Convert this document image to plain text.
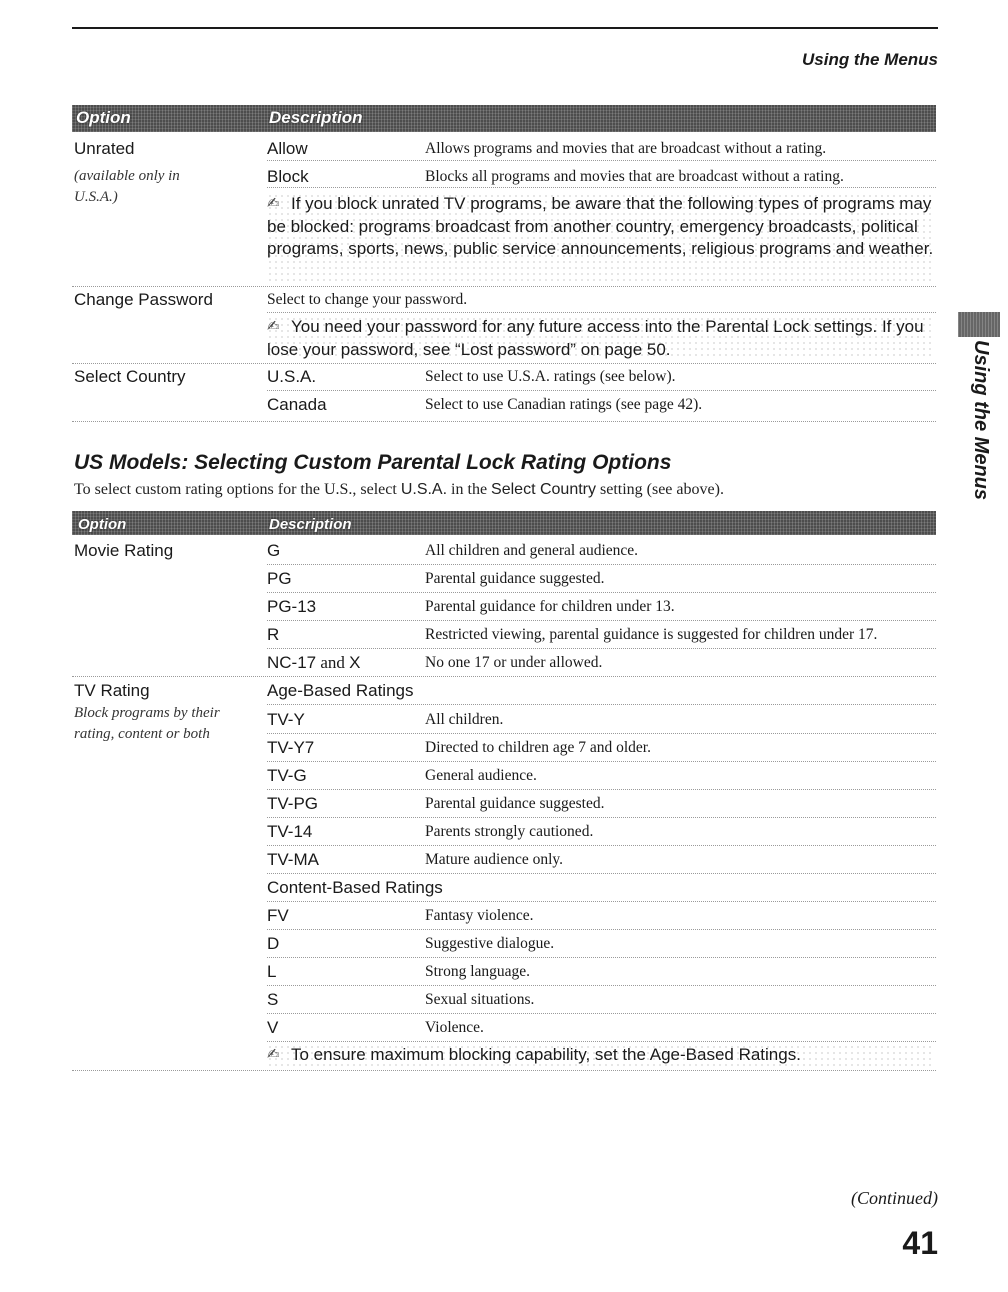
Using the Menus
Using the Menus
Option	Description
Unrated
(available only in U.S.A.)
Allow	Allows programs and movies that are broadcast without a rating.
Block	Blocks all programs and movies that are broadcast without a rating.
✍ If you block unrated TV programs, be aware that the following types of programs may be blocked: programs broadcast from another country, emergency broadcasts, political programs, sports, news, public service announcements, religious programs and weather.
Change Password	Select to change your password.
✍ You need your password for any future access into the Parental Lock settings. If you lose your password, see “Lost password” on page 50.
Select Country	U.S.A.	Select to use U.S.A. ratings (see below).
Canada	Select to use Canadian ratings (see page 42).
US Models: Selecting Custom Parental Lock Rating Options
To select custom rating options for the U.S., select U.S.A. in the Select Country setting (see above).
Option	Description
Movie Rating	G	All children and general audience.
PG	Parental guidance suggested.
PG-13	Parental guidance for children under 13.
R	Restricted viewing, parental guidance is suggested for children under 17.
NC-17 and X	No one 17 or under allowed.
TV Rating
Block programs by their rating, content or both
Age-Based Ratings
TV-Y	All children.
TV-Y7	Directed to children age 7 and older.
TV-G	General audience.
TV-PG	Parental guidance suggested.
TV-14	Parents strongly cautioned.
TV-MA	Mature audience only.
Content-Based Ratings
FV	Fantasy violence.
D	Suggestive dialogue.
L	Strong language.
S	Sexual situations.
V	Violence.
✍ To ensure maximum blocking capability, set the Age-Based Ratings.
(Continued)
41
